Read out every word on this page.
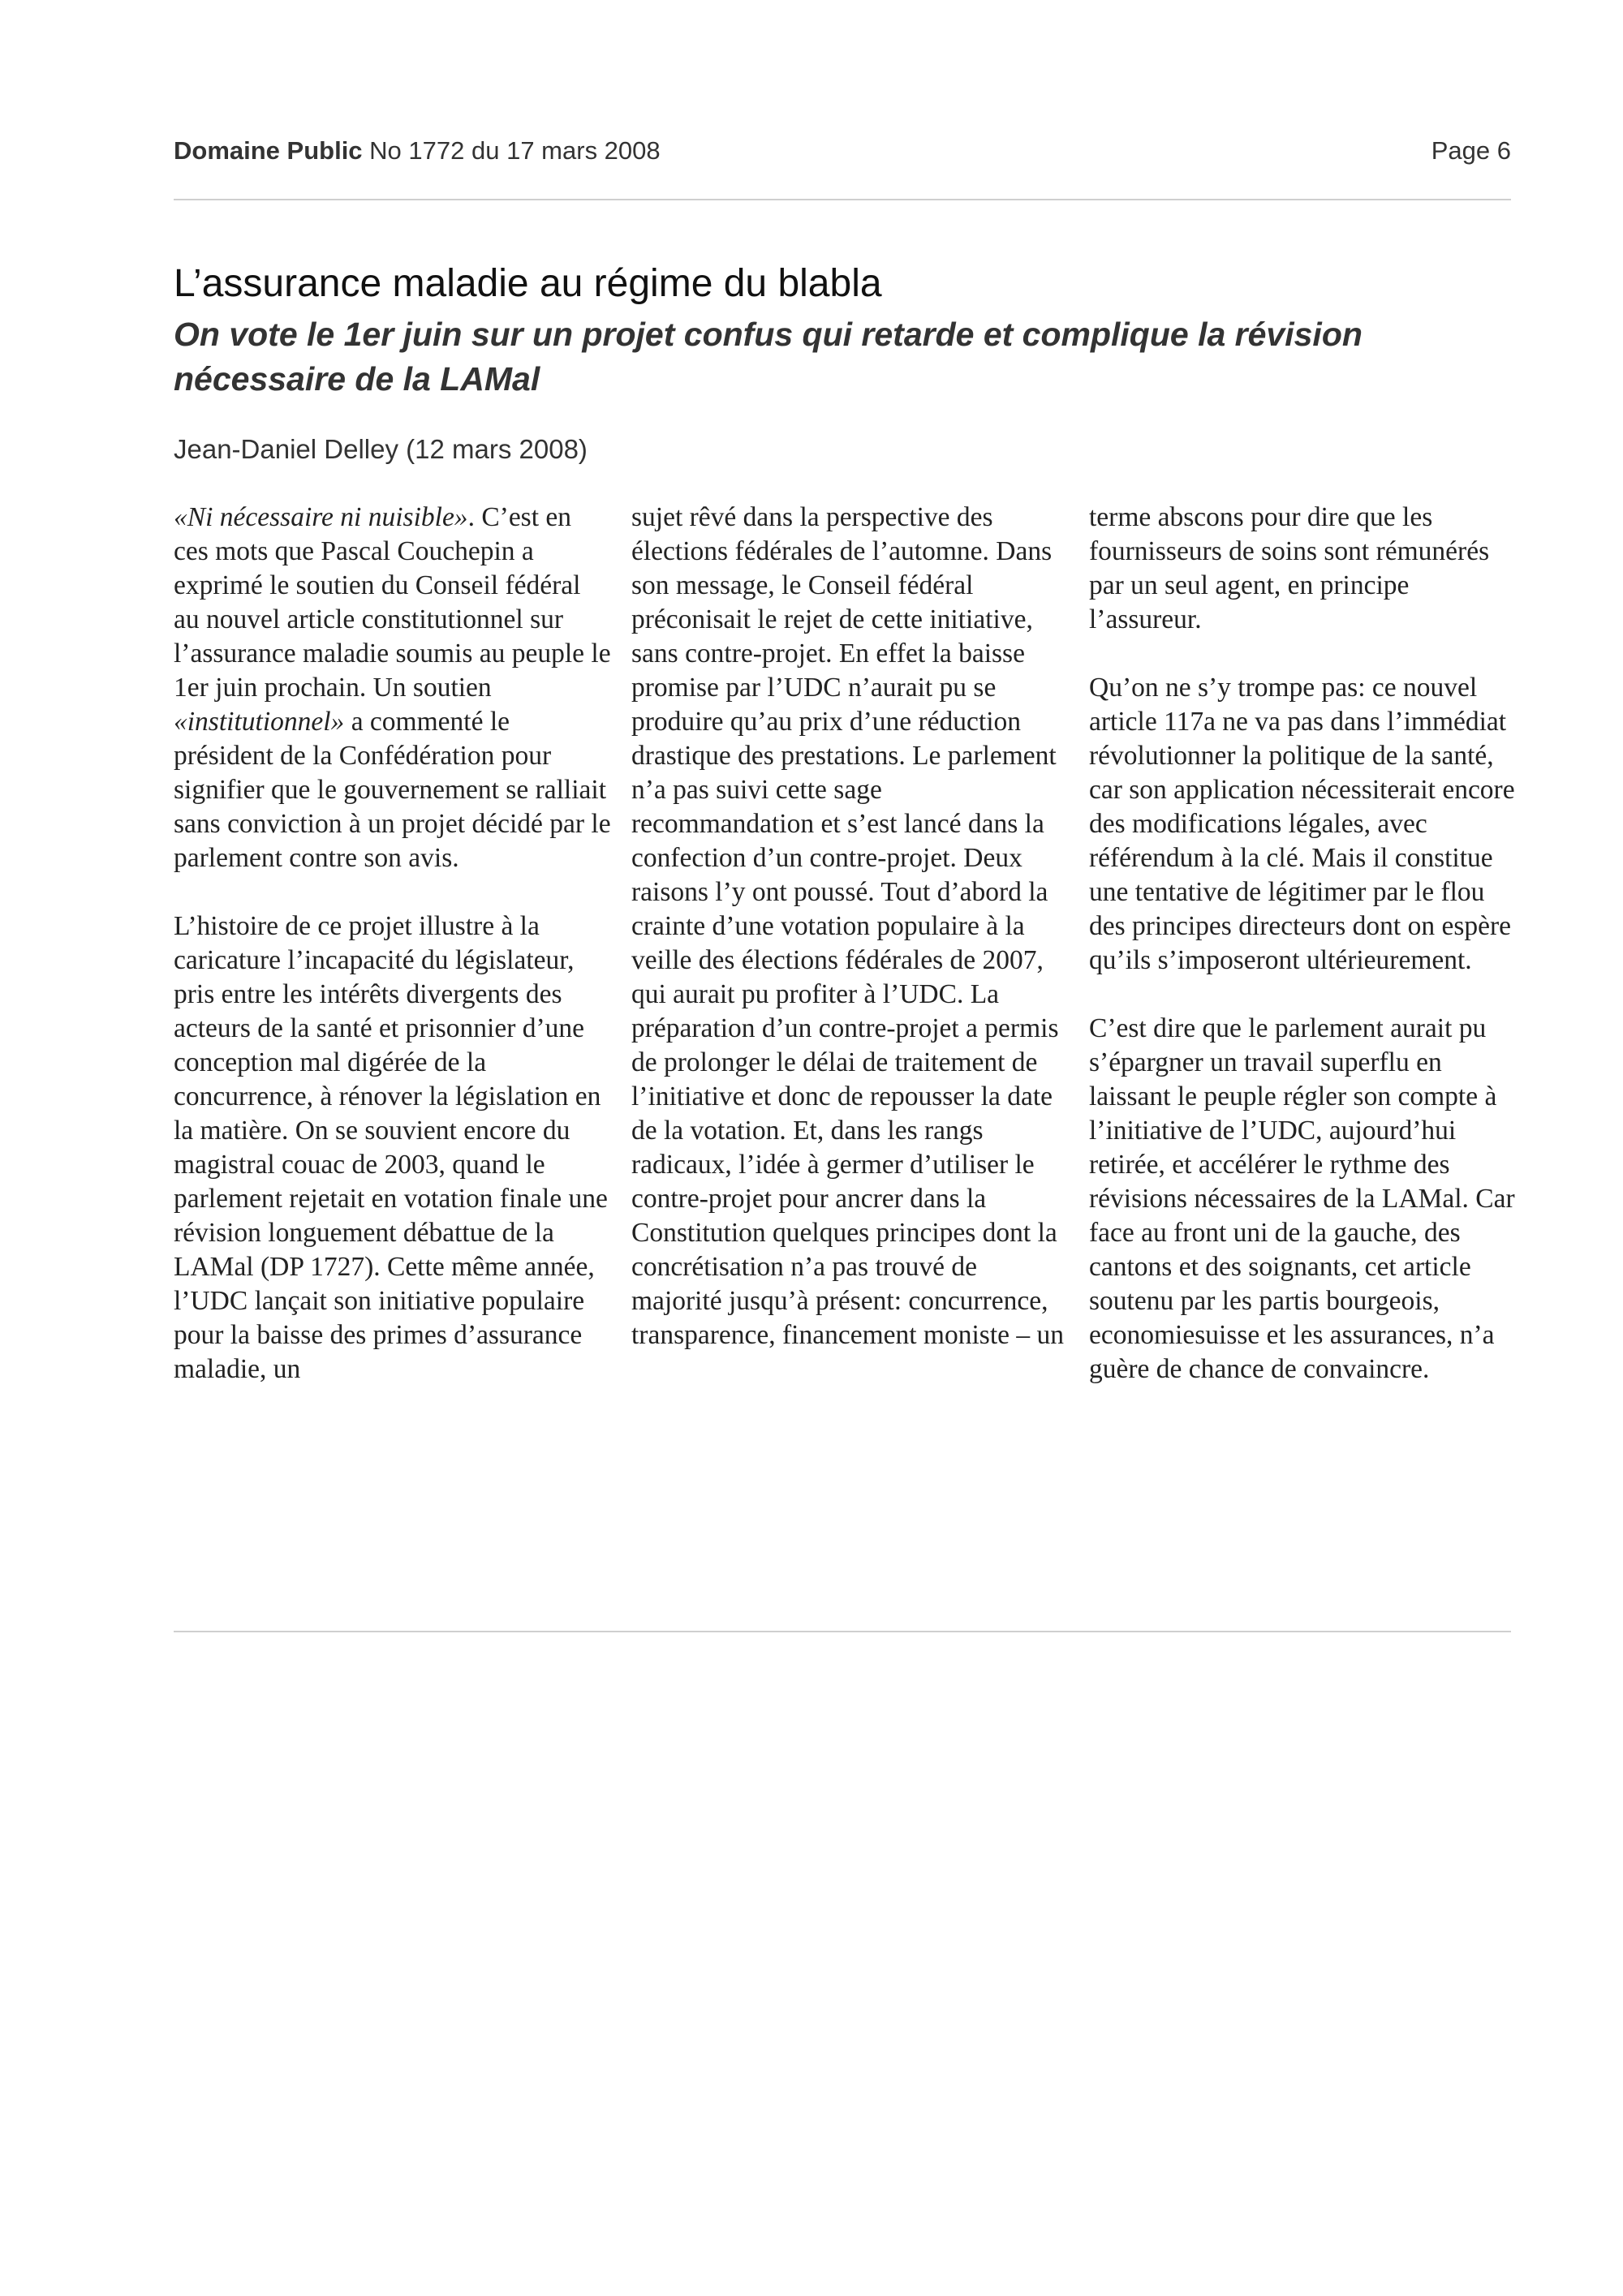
Domaine Public No 1772 du 17 mars 2008	Page 6
L’assurance maladie au régime du blabla
On vote le 1er juin sur un projet confus qui retarde et complique la révision nécessaire de la LAMal
Jean-Daniel Delley (12 mars 2008)

«Ni nécessaire ni nuisible». C’est en ces mots que Pascal Couchepin a exprimé le soutien du Conseil fédéral au nouvel article constitutionnel sur l’assurance maladie soumis au peuple le 1er juin prochain. Un soutien «institutionnel» a commenté le président de la Confédération pour signifier que le gouvernement se ralliait sans conviction à un projet décidé par le parlement contre son avis.

L’histoire de ce projet illustre à la caricature l’incapacité du législateur, pris entre les intérêts divergents des acteurs de la santé et prisonnier d’une conception mal digérée de la concurrence, à rénover la législation en la matière. On se souvient encore du magistral couac de 2003, quand le parlement rejetait en votation finale une révision longuement débattue de la LAMal (DP 1727). Cette même année, l’UDC lançait son initiative populaire pour la baisse des primes d’assurance maladie, un

sujet rêvé dans la perspective des élections fédérales de l’automne. Dans son message, le Conseil fédéral préconisait le rejet de cette initiative, sans contre-projet. En effet la baisse promise par l’UDC n’aurait pu se produire qu’au prix d’une réduction drastique des prestations. Le parlement n’a pas suivi cette sage recommandation et s’est lancé dans la confection d’un contre-projet. Deux raisons l’y ont poussé. Tout d’abord la crainte d’une votation populaire à la veille des élections fédérales de 2007, qui aurait pu profiter à l’UDC. La préparation d’un contre-projet a permis de prolonger le délai de traitement de l’initiative et donc de repousser la date de la votation. Et, dans les rangs radicaux, l’idée à germer d’utiliser le contre-projet pour ancrer dans la Constitution quelques principes dont la concrétisation n’a pas trouvé de majorité jusqu’à présent: concurrence, transparence, financement moniste – un

terme abscons pour dire que les fournisseurs de soins sont rémunérés par un seul agent, en principe l’assureur.

Qu’on ne s’y trompe pas: ce nouvel article 117a ne va pas dans l’immédiat révolutionner la politique de la santé, car son application nécessiterait encore des modifications légales, avec référendum à la clé. Mais il constitue une tentative de légitimer par le flou des principes directeurs dont on espère qu’ils s’imposeront ultérieurement.

C’est dire que le parlement aurait pu s’épargner un travail superflu en laissant le peuple régler son compte à l’initiative de l’UDC, aujourd’hui retirée, et accélérer le rythme des révisions nécessaires de la LAMal. Car face au front uni de la gauche, des cantons et des soignants, cet article soutenu par les partis bourgeois, economiesuisse et les assurances, n’a guère de chance de convaincre.
